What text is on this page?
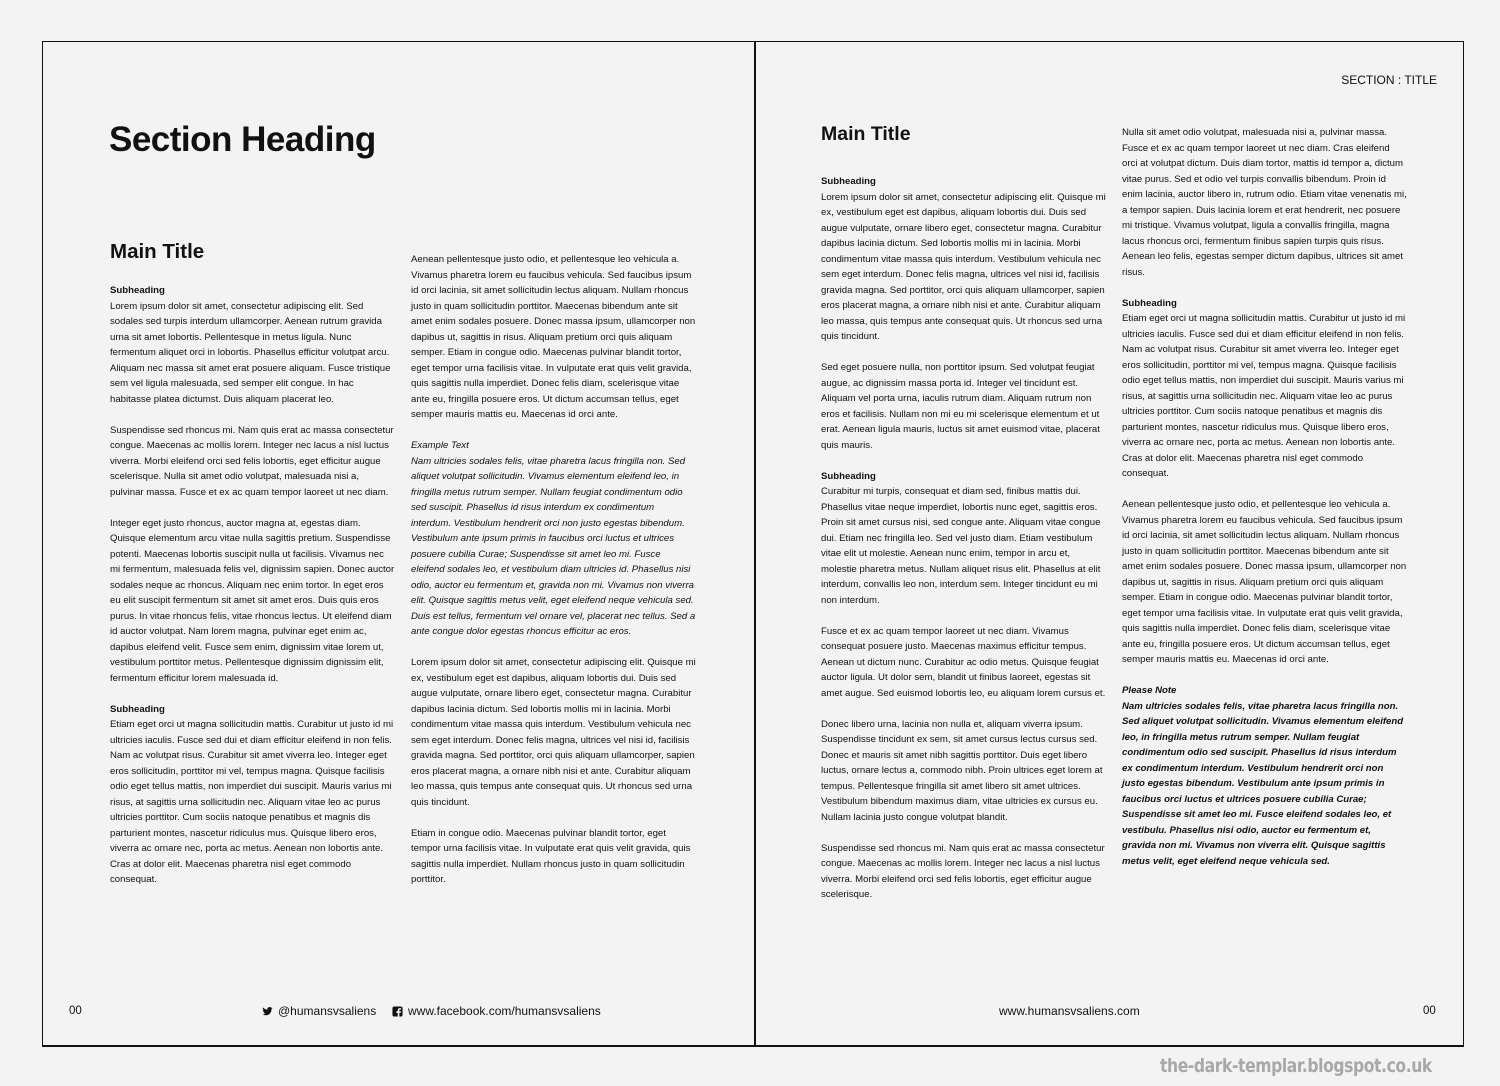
Section Heading
Main Title

Subheading
Lorem ipsum dolor sit amet, consectetur adipiscing elit. Sed sodales sed turpis interdum ullamcorper. Aenean rutrum gravida urna sit amet lobortis. Pellentesque in metus ligula. Nunc fermentum aliquet orci in lobortis. Phasellus efficitur volutpat arcu. Aliquam nec massa sit amet erat posuere aliquam. Fusce tristique sem vel ligula malesuada, sed semper elit congue. In hac habitasse platea dictumst. Duis aliquam placerat leo.

Suspendisse sed rhoncus mi. Nam quis erat ac massa consectetur congue. Maecenas ac mollis lorem. Integer nec lacus a nisl luctus viverra. Morbi eleifend orci sed felis lobortis, eget efficitur augue scelerisque. Nulla sit amet odio volutpat, malesuada nisi a, pulvinar massa. Fusce et ex ac quam tempor laoreet ut nec diam.

Integer eget justo rhoncus, auctor magna at, egestas diam. Quisque elementum arcu vitae nulla sagittis pretium. Suspendisse potenti. Maecenas lobortis suscipit nulla ut facilisis. Vivamus nec mi fermentum, malesuada felis vel, dignissim sapien. Donec auctor sodales neque ac rhoncus. Aliquam nec enim tortor. In eget eros eu elit suscipit fermentum sit amet sit amet eros. Duis quis eros purus. In vitae rhoncus felis, vitae rhoncus lectus. Ut eleifend diam id auctor volutpat. Nam lorem magna, pulvinar eget enim ac, dapibus eleifend velit. Fusce sem enim, dignissim vitae lorem ut, vestibulum porttitor metus. Pellentesque dignissim dignissim elit, fermentum efficitur lorem malesuada id.

Subheading
Etiam eget orci ut magna sollicitudin mattis. Curabitur ut justo id mi ultricies iaculis. Fusce sed dui et diam efficitur eleifend in non felis. Nam ac volutpat risus. Curabitur sit amet viverra leo. Integer eget eros sollicitudin, porttitor mi vel, tempus magna. Quisque facilisis odio eget tellus mattis, non imperdiet dui suscipit. Mauris varius mi risus, at sagittis urna sollicitudin nec. Aliquam vitae leo ac purus ultricies porttitor. Cum sociis natoque penatibus et magnis dis parturient montes, nascetur ridiculus mus. Quisque libero eros, viverra ac ornare nec, porta ac metus. Aenean non lobortis ante. Cras at dolor elit. Maecenas pharetra nisl eget commodo consequat.

Aenean pellentesque justo odio, et pellentesque leo vehicula a. Vivamus pharetra lorem eu faucibus vehicula. Sed faucibus ipsum id orci lacinia, sit amet sollicitudin lectus aliquam. Nullam rhoncus justo in quam sollicitudin porttitor. Maecenas bibendum ante sit amet enim sodales posuere. Donec massa ipsum, ullamcorper non dapibus ut, sagittis in risus. Aliquam pretium orci quis aliquam semper. Etiam in congue odio. Maecenas pulvinar blandit tortor, eget tempor urna facilisis vitae. In vulputate erat quis velit gravida, quis sagittis nulla imperdiet. Donec felis diam, scelerisque vitae ante eu, fringilla posuere eros. Ut dictum accumsan tellus, eget semper mauris mattis eu. Maecenas id orci ante.

Example Text
Nam ultricies sodales felis, vitae pharetra lacus fringilla non. Sed aliquet volutpat sollicitudin. Vivamus elementum eleifend leo, in fringilla metus rutrum semper. Nullam feugiat condimentum odio sed suscipit. Phasellus id risus interdum ex condimentum interdum. Vestibulum hendrerit orci non justo egestas bibendum. Vestibulum ante ipsum primis in faucibus orci luctus et ultrices posuere cubilia Curae; Suspendisse sit amet leo mi. Fusce eleifend sodales leo, et vestibulum diam ultricies id. Phasellus nisi odio, auctor eu fermentum et, gravida non mi. Vivamus non viverra elit. Quisque sagittis metus velit, eget eleifend neque vehicula sed. Duis est tellus, fermentum vel ornare vel, placerat nec tellus. Sed a ante congue dolor egestas rhoncus efficitur ac eros.

Lorem ipsum dolor sit amet, consectetur adipiscing elit. Quisque mi ex, vestibulum eget est dapibus, aliquam lobortis dui. Duis sed augue vulputate, ornare libero eget, consectetur magna. Curabitur dapibus lacinia dictum. Sed lobortis mollis mi in lacinia. Morbi condimentum vitae massa quis interdum. Vestibulum vehicula nec sem eget interdum. Donec felis magna, ultrices vel nisi id, facilisis gravida magna. Sed porttitor, orci quis aliquam ullamcorper, sapien eros placerat magna, a ornare nibh nisi et ante. Curabitur aliquam leo massa, quis tempus ante consequat quis. Ut rhoncus sed urna quis tincidunt.

Etiam in congue odio. Maecenas pulvinar blandit tortor, eget tempor urna facilisis vitae. In vulputate erat quis velit gravida, quis sagittis nulla imperdiet. Nullam rhoncus justo in quam sollicitudin porttitor.

00	@humansvsaliens	www.facebook.com/humansvsaliens
SECTION : TITLE
Main Title

Subheading
Lorem ipsum dolor sit amet, consectetur adipiscing elit. Quisque mi ex, vestibulum eget est dapibus, aliquam lobortis dui. Duis sed augue vulputate, ornare libero eget, consectetur magna. Curabitur dapibus lacinia dictum. Sed lobortis mollis mi in lacinia. Morbi condimentum vitae massa quis interdum. Vestibulum vehicula nec sem eget interdum. Donec felis magna, ultrices vel nisi id, facilisis gravida magna. Sed porttitor, orci quis aliquam ullamcorper, sapien eros placerat magna, a ornare nibh nisi et ante. Curabitur aliquam leo massa, quis tempus ante consequat quis. Ut rhoncus sed urna quis tincidunt.

Sed eget posuere nulla, non porttitor ipsum. Sed volutpat feugiat augue, ac dignissim massa porta id. Integer vel tincidunt est. Aliquam vel porta urna, iaculis rutrum diam. Aliquam rutrum non eros et facilisis. Nullam non mi eu mi scelerisque elementum et ut erat. Aenean ligula mauris, luctus sit amet euismod vitae, placerat quis mauris.

Subheading
Curabitur mi turpis, consequat et diam sed, finibus mattis dui. Phasellus vitae neque imperdiet, lobortis nunc eget, sagittis eros. Proin sit amet cursus nisi, sed congue ante. Aliquam vitae congue dui. Etiam nec fringilla leo. Sed vel justo diam. Etiam vestibulum vitae elit ut molestie. Aenean nunc enim, tempor in arcu et, molestie pharetra metus. Nullam aliquet risus elit. Phasellus at elit interdum, convallis leo non, interdum sem. Integer tincidunt eu mi non interdum.

Fusce et ex ac quam tempor laoreet ut nec diam. Vivamus consequat posuere justo. Maecenas maximus efficitur tempus. Aenean ut dictum nunc. Curabitur ac odio metus. Quisque feugiat auctor ligula. Ut dolor sem, blandit ut finibus laoreet, egestas sit amet augue. Sed euismod lobortis leo, eu aliquam lorem cursus et.

Donec libero urna, lacinia non nulla et, aliquam viverra ipsum. Suspendisse tincidunt ex sem, sit amet cursus lectus cursus sed. Donec et mauris sit amet nibh sagittis porttitor. Duis eget libero luctus, ornare lectus a, commodo nibh. Proin ultrices eget lorem at tempus. Pellentesque fringilla sit amet libero sit amet ultrices. Vestibulum bibendum maximus diam, vitae ultricies ex cursus eu. Nullam lacinia justo congue volutpat blandit.

Suspendisse sed rhoncus mi. Nam quis erat ac massa consectetur congue. Maecenas ac mollis lorem. Integer nec lacus a nisl luctus viverra. Morbi eleifend orci sed felis lobortis, eget efficitur augue scelerisque.

Nulla sit amet odio volutpat, malesuada nisi a, pulvinar massa. Fusce et ex ac quam tempor laoreet ut nec diam. Cras eleifend orci at volutpat dictum. Duis diam tortor, mattis id tempor a, dictum vitae purus. Sed et odio vel turpis convallis bibendum. Proin id enim lacinia, auctor libero in, rutrum odio. Etiam vitae venenatis mi, a tempor sapien. Duis lacinia lorem et erat hendrerit, nec posuere mi tristique. Vivamus volutpat, ligula a convallis fringilla, magna lacus rhoncus orci, fermentum finibus sapien turpis quis risus. Aenean leo felis, egestas semper dictum dapibus, ultrices sit amet risus.

Subheading
Etiam eget orci ut magna sollicitudin mattis. Curabitur ut justo id mi ultricies iaculis. Fusce sed dui et diam efficitur eleifend in non felis. Nam ac volutpat risus. Curabitur sit amet viverra leo. Integer eget eros sollicitudin, porttitor mi vel, tempus magna. Quisque facilisis odio eget tellus mattis, non imperdiet dui suscipit. Mauris varius mi risus, at sagittis urna sollicitudin nec. Aliquam vitae leo ac purus ultricies porttitor. Cum sociis natoque penatibus et magnis dis parturient montes, nascetur ridiculus mus. Quisque libero eros, viverra ac ornare nec, porta ac metus. Aenean non lobortis ante. Cras at dolor elit. Maecenas pharetra nisl eget commodo consequat.

Aenean pellentesque justo odio, et pellentesque leo vehicula a. Vivamus pharetra lorem eu faucibus vehicula. Sed faucibus ipsum id orci lacinia, sit amet sollicitudin lectus aliquam. Nullam rhoncus justo in quam sollicitudin porttitor. Maecenas bibendum ante sit amet enim sodales posuere. Donec massa ipsum, ullamcorper non dapibus ut, sagittis in risus. Aliquam pretium orci quis aliquam semper. Etiam in congue odio. Maecenas pulvinar blandit tortor, eget tempor urna facilisis vitae. In vulputate erat quis velit gravida, quis sagittis nulla imperdiet. Donec felis diam, scelerisque vitae ante eu, fringilla posuere eros. Ut dictum accumsan tellus, eget semper mauris mattis eu. Maecenas id orci ante.

Please Note
Nam ultricies sodales felis, vitae pharetra lacus fringilla non. Sed aliquet volutpat sollicitudin. Vivamus elementum eleifend leo, in fringilla metus rutrum semper. Nullam feugiat condimentum odio sed suscipit. Phasellus id risus interdum ex condimentum interdum. Vestibulum hendrerit orci non justo egestas bibendum. Vestibulum ante ipsum primis in faucibus orci luctus et ultrices posuere cubilia Curae; Suspendisse sit amet leo mi. Fusce eleifend sodales leo, et vestibulu. Phasellus nisi odio, auctor eu fermentum et, gravida non mi. Vivamus non viverra elit. Quisque sagittis metus velit, eget eleifend neque vehicula sed.

www.humansvsaliens.com	00
the-dark-templar.blogspot.co.uk
